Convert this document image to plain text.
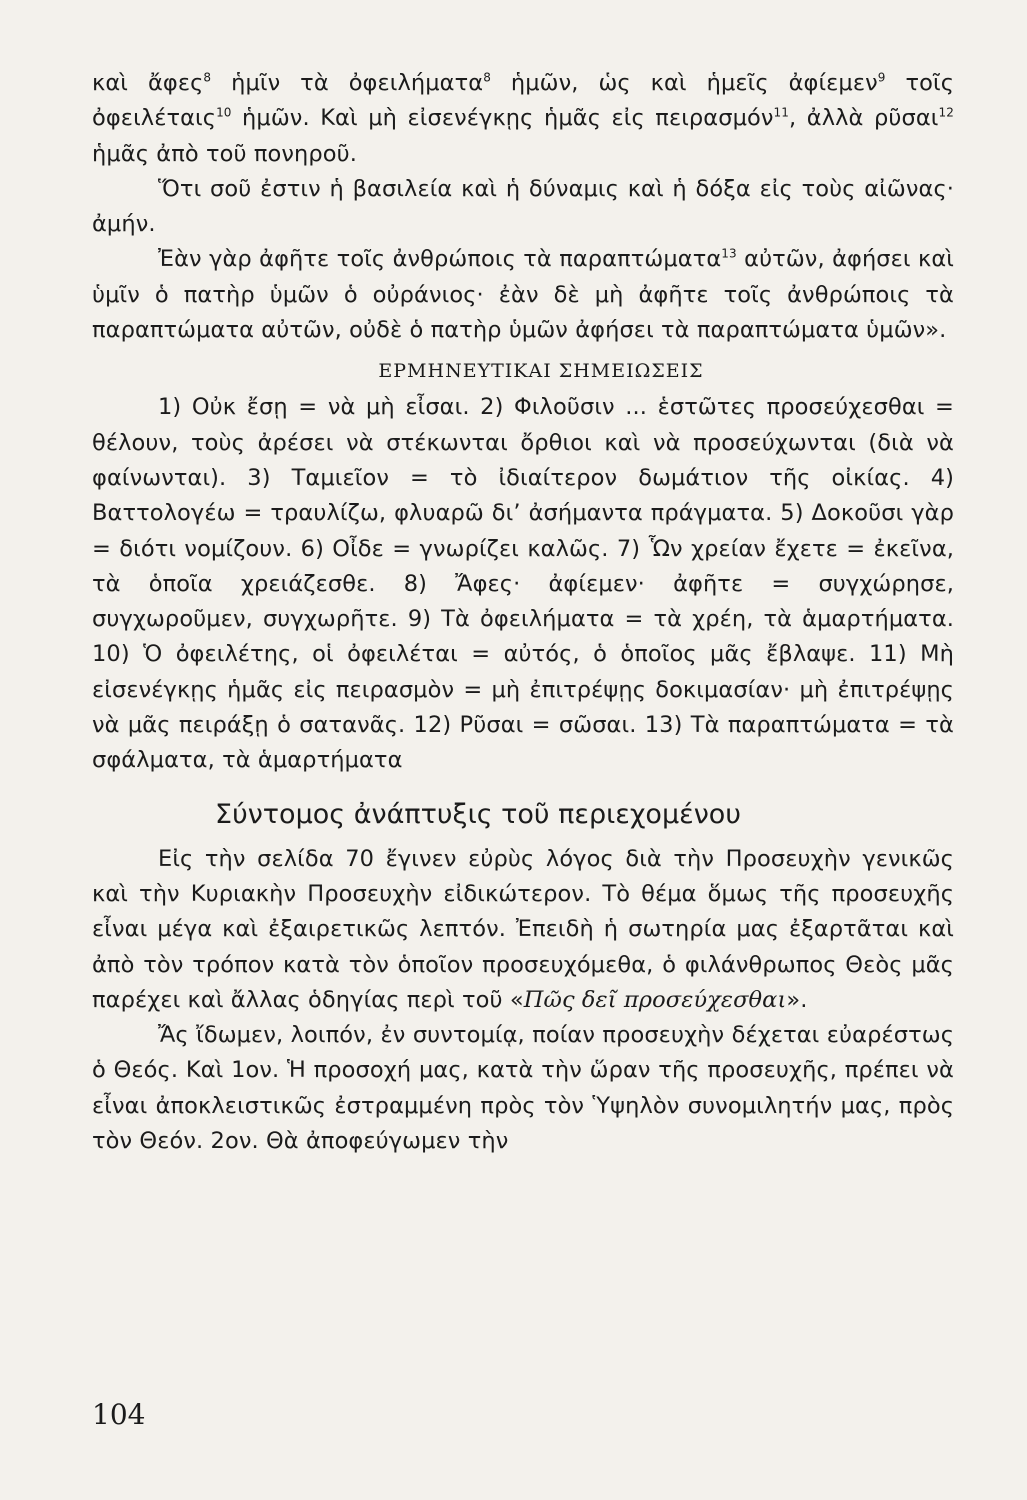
καὶ ἄφες$^8$ ἡμῖν τὰ ὀφειλήματα$^8$ ἡμῶν, ὡς καὶ ἡμεῖς ἀφίεμεν$^9$ τοῖς ὀφειλέταις$^{10}$ ἡμῶν. Καὶ μὴ εἰσενέγκῃς ἡμᾶς εἰς πειρασμόν$^{11}$, ἀλλὰ ρῦσαι$^{12}$ ἡμᾶς ἀπὸ τοῦ πονηροῦ.

Ὅτι σοῦ ἐστιν ἡ βασιλεία καὶ ἡ δύναμις καὶ ἡ δόξα εἰς τοὺς αἰῶνας· ἀμήν.

Ἐὰν γὰρ ἀφῆτε τοῖς ἀνθρώποις τὰ παραπτώματα$^{13}$ αὐτῶν, ἀφήσει καὶ ὑμῖν ὁ πατὴρ ὑμῶν ὁ οὐράνιος· ἐὰν δὲ μὴ ἀφῆτε τοῖς ἀνθρώποις τὰ παραπτώματα αὐτῶν, οὐδὲ ὁ πατὴρ ὑμῶν ἀφήσει τὰ παραπτώματα ὑμῶν».

ΕΡΜΗΝΕΥΤΙΚΑΙ ΣΗΜΕΙΩΣΕΙΣ

1) Οὐκ ἔσῃ = νὰ μὴ εἶσαι. 2) Φιλοῦσιν ... ἑστῶτες προσεύχεσθαι = θέλουν, τοὺς ἀρέσει νὰ στέκωνται ὄρθιοι καὶ νὰ προσεύχωνται (διὰ νὰ φαίνωνται). 3) Ταμιεῖον = τὸ ἰδιαίτερον δωμάτιον τῆς οἰκίας. 4) Βαττολογέω = τραυλίζω, φλυαρῶ δι’ ἀσήμαντα πράγματα. 5) Δοκοῦσι γὰρ = διότι νομίζουν. 6) Οἶδε = γνωρίζει καλῶς. 7) Ὧν χρείαν ἔχετε = ἐκεῖνα, τὰ ὁποῖα χρειάζεσθε. 8) Ἄφες· ἀφίεμεν· ἀφῆτε = συγχώρησε, συγχωροῦμεν, συγχωρῆτε. 9) Τὰ ὀφειλήματα = τὰ χρέη, τὰ ἁμαρτήματα. 10) Ὁ ὀφειλέτης, οἱ ὀφειλέται = αὐτός, ὁ ὁποῖος μᾶς ἔβλαψε. 11) Μὴ εἰσενέγκῃς ἡμᾶς εἰς πειρασμὸν = μὴ ἐπιτρέψῃς δοκιμασίαν· μὴ ἐπιτρέψῃς νὰ μᾶς πειράξῃ ὁ σατανᾶς. 12) Ρῦσαι = σῶσαι. 13) Τὰ παραπτώματα = τὰ σφάλματα, τὰ ἁμαρτήματα

Σύντομος ἀνάπτυξις τοῦ περιεχομένου

Εἰς τὴν σελίδα 70 ἔγινεν εὐρὺς λόγος διὰ τὴν Προσευχὴν γενικῶς καὶ τὴν Κυριακὴν Προσευχὴν εἰδικώτερον. Τὸ θέμα ὅμως τῆς προσευχῆς εἶναι μέγα καὶ ἐξαιρετικῶς λεπτόν. Ἐπειδὴ ἡ σωτηρία μας ἐξαρτᾶται καὶ ἀπὸ τὸν τρόπον κατὰ τὸν ὁποῖον προσευχόμεθα, ὁ φιλάνθρωπος Θεὸς μᾶς παρέχει καὶ ἄλλας ὁδηγίας περὶ τοῦ «Πῶς δεῖ προσεύχεσθαι».

Ἄς ἴδωμεν, λοιπόν, ἐν συντομίᾳ, ποίαν προσευχὴν δέχεται εὐαρέστως ὁ Θεός. Καὶ 1ον. Ἡ προσοχή μας, κατὰ τὴν ὥραν τῆς προσευχῆς, πρέπει νὰ εἶναι ἀποκλειστικῶς ἐστραμμένη πρὸς τὸν Ὑψηλὸν συνομιλητήν μας, πρὸς τὸν Θεόν. 2ον. Θὰ ἀποφεύγωμεν τὴν

104
